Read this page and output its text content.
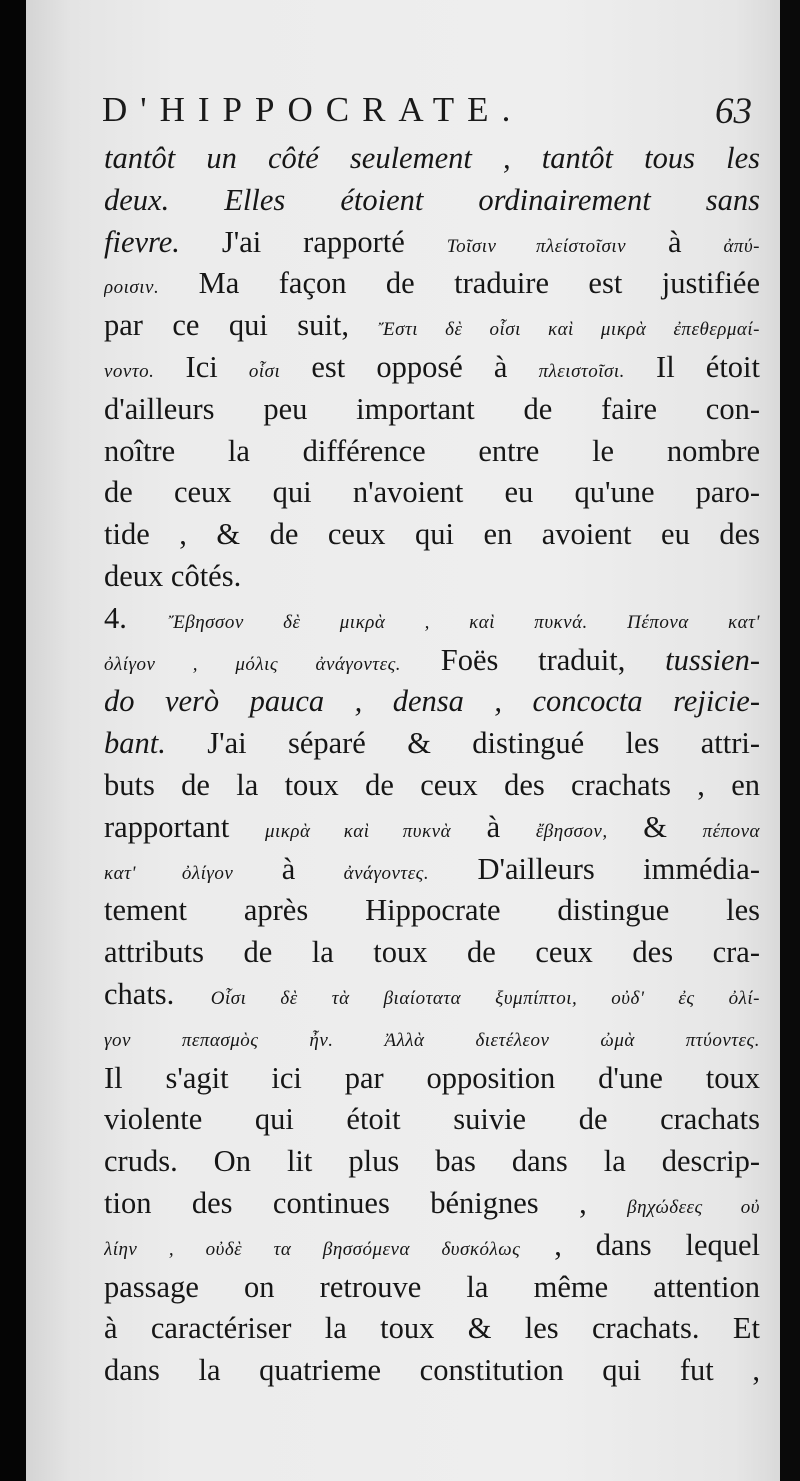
D'HIPPOCRATE.	63
tantôt un côté seulement , tantôt tous les
deux. Elles étoient ordinairement sans
fievre. J'ai rapporté Τοῖσιν πλείστοῖσιν à ἀπύ-
ροισιν. Ma façon de traduire est justifiée
par ce qui suit, Ἔστι δὲ οἷσι καὶ μικρὰ ἐπεθερμαί-
νοντο. Ici οἷσι est opposé à πλειστοῖσι. Il étoit
d'ailleurs peu important de faire con-
noître la différence entre le nombre
de ceux qui n'avoient eu qu'une paro-
tide , & de ceux qui en avoient eu des
deux côtés.
4. Ἔβησσον δὲ μικρὰ , καὶ πυκνά. Πέπονα κατ'
ὀλίγον , μόλις ἀνάγοντες. Foës traduit, tussien-
do verò pauca , densa , concocta rejicie-
bant. J'ai séparé & distingué les attri-
buts de la toux de ceux des crachats , en
rapportant μικρὰ καὶ πυκνὰ à ἔβησσον, & πέπονα
κατ' ὀλίγον à ἀνάγοντες. D'ailleurs immédia-
tement après Hippocrate distingue les
attributs de la toux de ceux des cra-
chats. Οἷσι δὲ τὰ βιαίοτατα ξυμπίπτοι, οὐδ' ἐς ὀλί-
γον πεπασμὸς ἦν. Ἀλλὰ διετέλεον ὠμὰ πτύοντες.
Il s'agit ici par opposition d'une toux
violente qui étoit suivie de crachats
cruds. On lit plus bas dans la descrip-
tion des continues bénignes , βηχώδεες οὐ
λίην , οὐδὲ τα βησσόμενα δυσκόλως , dans lequel
passage on retrouve la même attention
à caractériser la toux & les crachats. Et
dans la quatrieme constitution qui fut ,
